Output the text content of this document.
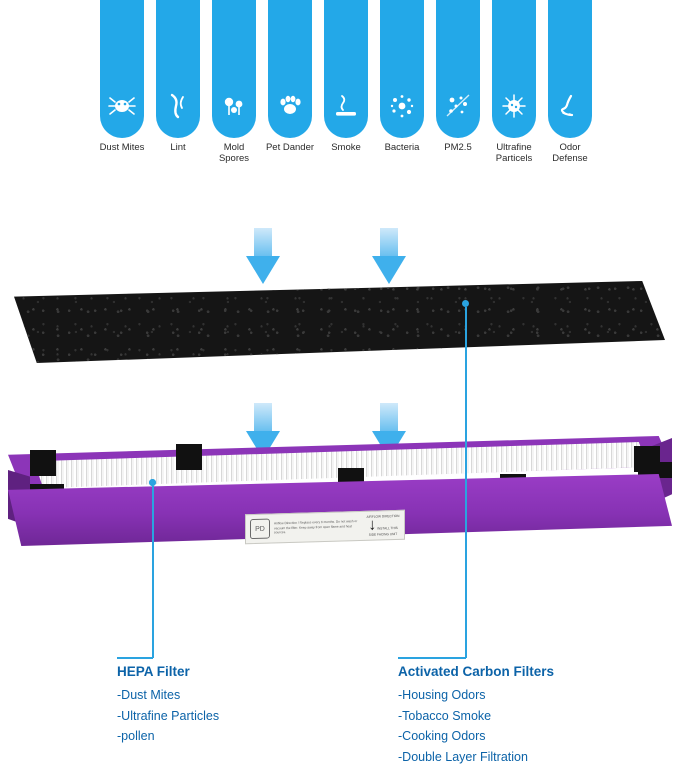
Dust Mites	Lint	Mold
Spores
Pet Dander	Smoke	Bacteria	PM2.5	Ultrafine
Particels
Odor Defense
PD
Airflow Direction / Replace every 6 months. Do not wash or vacuum the filter. Keep away from open flame and heat sources.
AIRFLOW DIRECTION ↓ INSTALL THIS SIDE FACING UNIT
HEPA Filter
-Dust Mites
-Ultrafine Particles
-pollen
Activated Carbon Filters
-Housing Odors
-Tobacco Smoke
-Cooking Odors
-Double Layer Filtration
